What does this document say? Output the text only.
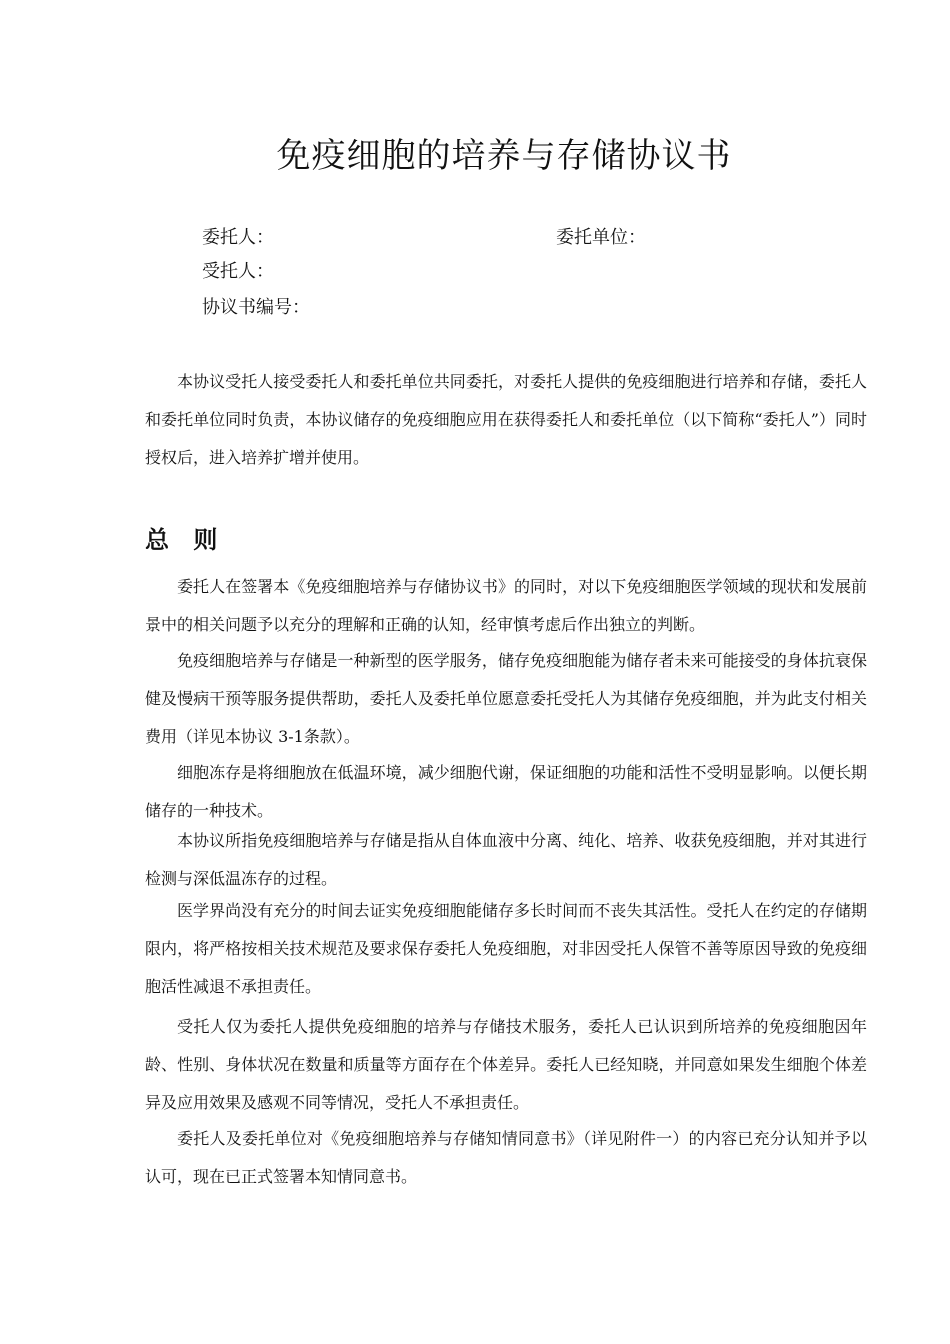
免疫细胞的培养与存储协议书

委托人：	委托单位：

受托人：

协议书编号：

本协议受托人接受委托人和委托单位共同委托，对委托人提供的免疫细胞进行培养和存储，委托人和委托单位同时负责，本协议储存的免疫细胞应用在获得委托人和委托单位（以下简称“委托人”）同时授权后，进入培养扩增并使用。

总 则

委托人在签署本《免疫细胞培养与存储协议书》的同时，对以下免疫细胞医学领域的现状和发展前景中的相关问题予以充分的理解和正确的认知，经审慎考虑后作出独立的判断。

免疫细胞培养与存储是一种新型的医学服务，储存免疫细胞能为储存者未来可能接受的身体抗衰保健及慢病干预等服务提供帮助，委托人及委托单位愿意委托受托人为其储存免疫细胞，并为此支付相关费用（详见本协议 3-1条款）。

细胞冻存是将细胞放在低温环境，减少细胞代谢，保证细胞的功能和活性不受明显影响。以便长期储存的一种技术。

本协议所指免疫细胞培养与存储是指从自体血液中分离、纯化、培养、收获免疫细胞，并对其进行检测与深低温冻存的过程。

医学界尚没有充分的时间去证实免疫细胞能储存多长时间而不丧失其活性。受托人在约定的存储期限内，将严格按相关技术规范及要求保存委托人免疫细胞，对非因受托人保管不善等原因导致的免疫细胞活性减退不承担责任。

受托人仅为委托人提供免疫细胞的培养与存储技术服务，委托人已认识到所培养的免疫细胞因年龄、性别、身体状况在数量和质量等方面存在个体差异。委托人已经知晓，并同意如果发生细胞个体差异及应用效果及感观不同等情况，受托人不承担责任。

委托人及委托单位对《免疫细胞培养与存储知情同意书》（详见附件一）的内容已充分认知并予以认可，现在已正式签署本知情同意书。
